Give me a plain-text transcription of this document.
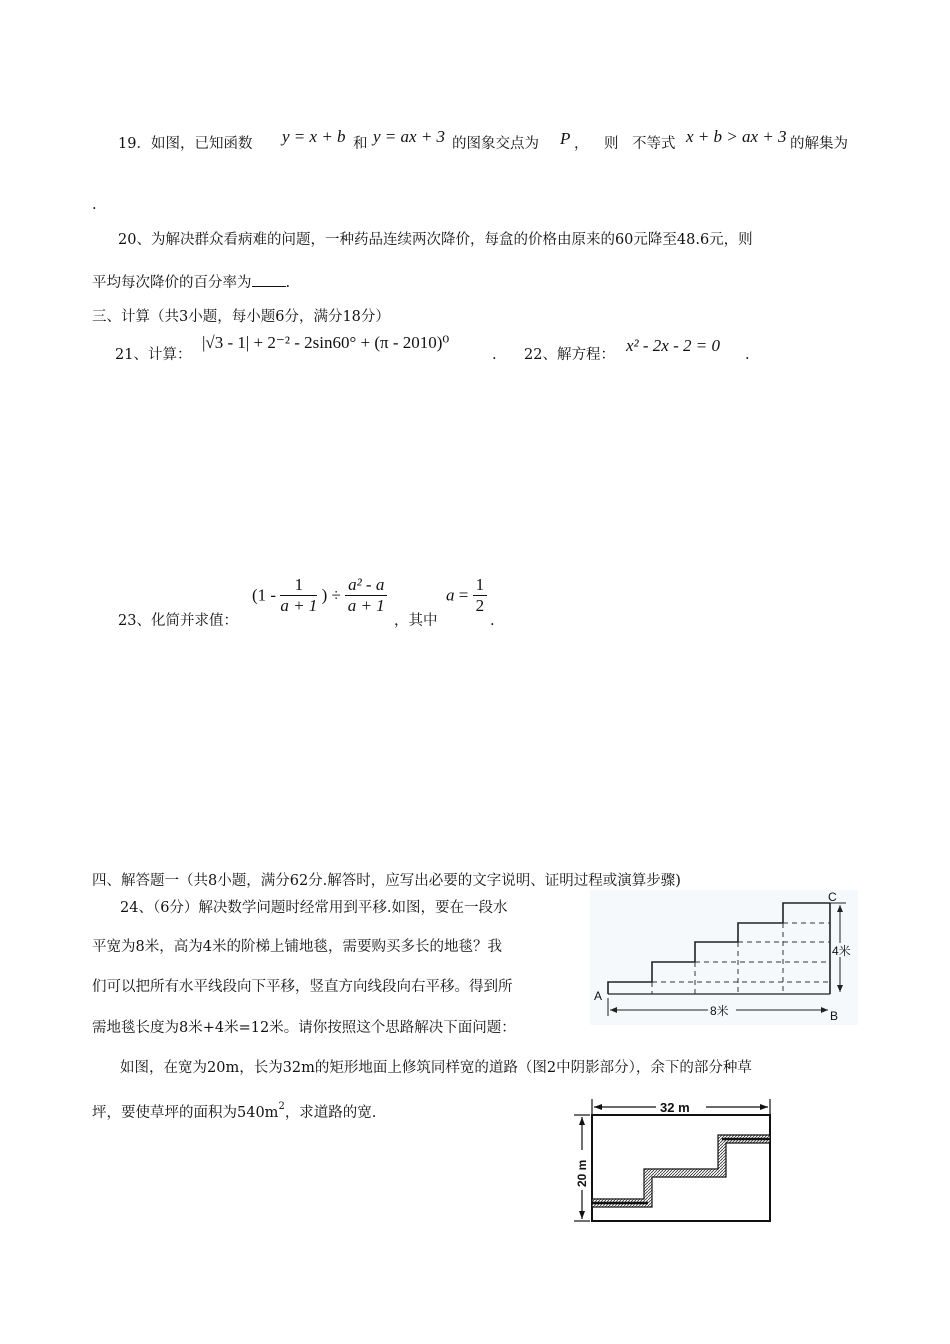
19．如图，已知函数 y = x + b 和 y = ax + 3 的图象交点为 P ， 则 不等式 x + b > ax + 3 的解集为
.
20、为解决群众看病难的问题，一种药品连续两次降价，每盒的价格由原来的60元降至48.6元，则
平均每次降价的百分率为 .
三、计算（共3小题，每小题6分，满分18分）
21、计算：
|√3 - 1| + 2⁻² - 2sin60° + (π - 2010)⁰
. 22、解方程： x² - 2x - 2 = 0 .
23、化简并求值：
($1 - \frac{1}{a + 1}$ ) ÷ $\frac{\text{a² - a}}{a + 1}$
，其中
$a = \frac{1}{2}$
.
四、解答题一（共8小题，满分62分.解答时，应写出必要的文字说明、证明过程或演算步骤)
24、（6分）解决数学问题时经常用到平移.如图，要在一段水
平宽为8米，高为4米的阶梯上铺地毯，需要购买多长的地毯？我
们可以把所有水平线段向下平移，竖直方向线段向右平移。得到所
需地毯长度为8米+4米=12米。请你按照这个思路解决下面问题：
如图，在宽为20m，长为32m的矩形地面上修筑同样宽的道路（图2中阴影部分），余下的部分种草
坪，要使草坪的面积为$540m^2$，求道路的宽.
8米
4米
A
B
C
32 m
20 m
